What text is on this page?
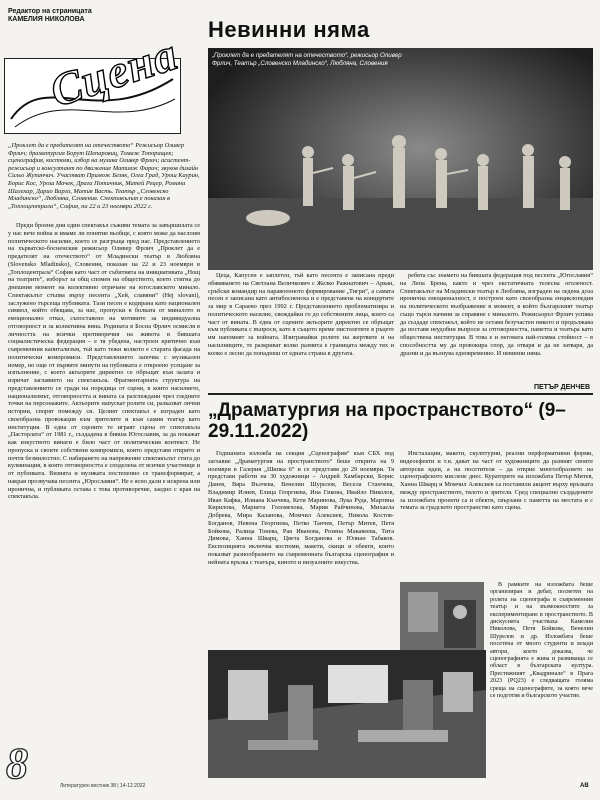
Редактор на страницата
КАМЕЛИЯ НИКОЛОВА
Сцена Невинни няма
„Проклет да е предателят на отечеството“, режисьор Оливер Фрлич, Театър „Словенско Младинско“, Любляна, Словения
„Проклет да е предателят на отечеството“ Режисьор Оливер Фрлич; драматургия Борут Шепаровиц, Томаж Топорищек; сценография, костюми, избор на музика Оливер Фрлич; асистент-режисьор и консултант по движение Матияж Фарич; звуков дизайн Сильо Жупанчич. Участват Примож Безяк, Олга Град, Урош Каурин, Борис Кос, Урош Мачек, Драга Потичник, Матей Рецер, Романа Шалехар, Дарио Варга, Матия Васть. Театър „Словенско Младинско“, Любляна, Словения. Спектакълът е показан в „Топлоцентрала“, София, на 22 и 23 ноември 2022 г.

Преди броени дни един спектакъл съживи темата за завършилата се у нас вече война и имаме ли понятие вьобще, с която може да наслоим политическото насилие, което се разгръща пред нас. Представлението на хърватско-босненския режисьор Оливер Фрлич „Проклет да е предателят на отечеството“ от Младински театър в Любляна (Slovensko Mladinsko), Словения, показан на 22 и 23 ноември в „Топлоцентрала“ София като част от събитията на инициативата „Нощ на театрите“, изборът за общ спомен на обществото, което стигна до днешния момент на колективно отричане на югославското минало. Спектакълът стъпва върху песента „Хей, славяни“ (Hej slovani), заслужено търсеща публиката. Тази песен е кодирана като национален символ, който обещава, за нас, пропуски в болката от миналото и емоционално отказ, съпоставено на мотивите за индивидуална отговорност и за колективна вина. Родината в Босна Фрлич осмисля в личността на всички противоречия на живота в бившата социалистическа федерация – е тя убедена, настроен критично към съвременния капитализъм, тъй като тежи колкото е старата фасада на политически компромиси. Представлението започва с музикален номер, но още от първите минути на публиката е откроено усещане за изпълнение, с което актьорите директно се обръщат към залата и изричат заглавието на спектакъла. Фрагментарната структура на представлението се гради на поредица от сцени, в които насилието, национализмът, отговорността и вината са разглеждани чрез гледните точки на персонажите. Актьорите напускат ролите си, разказват лични истории, спорят помежду си. Целият спектакъл е изграден като своеобразна провокация към зрителите и към самия театър като институция. В една от сцените те играят сцена от спектакъла „Пасторлата“ от 1981 г., създадена в бивша Югославия, за да покажат как изкуството винаги е било част от политическия контекст. Не пропуска и своите собствени компромиси, които представя открито и почти безмилостно. С набирането на напрежение спектакълът стига до кулминация, в която отговорността е споделена от всички участници и от публиката. Визията и музиката постепенно се трансформират, а накрая прозвучава песента „Юрославия“. Не е ясно дали е искрена или иронична, и публиката остава с това противоречие, заедно с края на спектакъла.

Цеца, Капусен е заплетен, тъй като песента е записана преди обявяването на Светлана Величкович с Желко Ражнатович – Аркан, сръбски командир на паравоенното формирование „Тигри“, а самата песен е записана като антибосненска и е представена на концертите за мир в Сараево през 1992 г. Представлението проблематизира и политическото насилие, свеждайки го до собствените лица, които са част от вината. В една от сцените актьорите директно се обръщат към публиката с въпроси, като в същото време пистолетите в ръцете им напомнят за войната. Изигравайки ролите на жертвите и на насилниците, те разкриват колко размита е границата между тях и колко е лесно да попаднеш от едната страна в другата.

ребята със знамето на бившата федерация под песента „Югославия“ на Лепа Брена, както и чрез екстатичната телесна оголеност. Спектакълът на Младински театър в Любляна, изграден на ледена доза иронична емоционалност, е построен като своеобразна енциклопедия на политическото въображение в момент, в който българският театър също търси начини за справяне с миналото. Режисьорът Фрлич успява да създаде спектакъл, който не оставя безучастен никого и продължава да поставя неудобни въпроси за отговорността, паметта и театъра като обществена институция. В това е и неговата най-голяма стойност – в способността му да провокира спор, да отваря и да не затваря, да дразни и да вълнува едновременно. И невинни няма.

ПЕТЪР ДЕНЧЕВ
„Драматургия на пространството“ (9–29.11.2022)

Годишната изложба на секция „Сценография“ към СБХ под заглавие „Драматургия на пространството“ беше открита на 9 ноември в Галерия „Шипка 6“ и се представя до 29 ноември. Тя представи работи на 30 художници – Андрей Хамбарски, Борис Данев, Вяра Вълчева, Венелин Шурелов, Весела Станчева, Владимир Илиев, Елица Георгиева, Ина Гикова, Ивайло Николов, Иван Кафка, Илиана Кънчева, Кети Маринова, Лука Руда, Мартина Кирилова, Мариета Голомехова, Мария Райчинова, Михаела Добрева, Мира Каланова, Момчил Алексиев, Никола Костов-Богданов, Невена Георгиева, Петко Танчев, Петър Митев, Петя Бойкова, Ралица Тонева, Рая Иванова, Розина Макавеева, Тита Димова, Ханна Шварц, Цвета Богданова и Юлиан Табаков. Експозицията включва костюми, макети, скици и обекти, които показват разнообразието на съвременната българска сценография и нейната връзка с театъра, киното и визуалните изкуства.

Инсталации, макети, скулптурни, реални перформативни форми, видеоефекти и т.н. дават на част от художниците да развият своите авторски идеи, а на посетителя – да открие многообразието на сценографското мислене днес. Кураторите на изложбата Петър Митев, Ханна Шварц и Момчил Алексиев са поставили акцент върху връзката между пространството, тялото и зрителя. Сред специално създадените за изложбата проекти са и обекти, свързани с паметта на местата и с темата за градското пространство като сцена.

В рамките на изложбата беше организиран и дебат, посветен на ролята на сценографа в съвременния театър и на възможностите за експериментиране в пространството. В дискусията участваха Камелия Николова, Петя Бойкова, Венелин Шурелов и др. Изложбата беше посетена от много студенти и млади автори, което доказва, че сценографията е жива и развиваща се област в българската култура. Престижният „Квадринале“ в Прага 2023 (PQ23) е следващата голяма среща на сценографите, за която вече се подготвя и българското участие.

8	Литературен вестник 38 | 14-12.2022	АВ
